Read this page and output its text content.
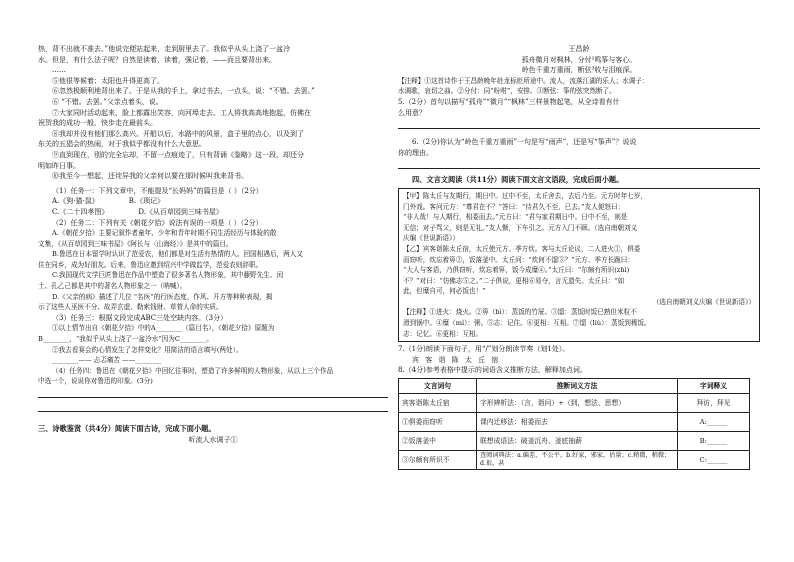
热，背不出就不准去。”他说完便站起来，走到厨里去了。我似乎从头上浇了一盆冷
水。但是，有什么法子呢？自然是读着，读着，强记着，——而且要背出来。
……
⑤他很等候着；太阳也升得更高了。
⑥忽然极顺利地背出来了。于是从我的手上，拿过书去，一点头，说：“不错。去罢。”
⑥ “不错。去罢。”父亲点着头，说。
⑦大家同时活动起来，脸上都露出笑容，向河埠走去。工人将我高高地抱起，仿佛在
祝贺我的成功一般，快步走在最前头。
⑧我却并没有他们那么高兴。开船以后，水路中的风景，盒子里的点心，以及到了
东关的五猖会的热闹，对于我似乎都没有什么大意思。
⑨直到现在，别的完全忘却，不留一点痕迹了，只有背诵《鉴略》这一段，却还分
明如昨日事。
⑩我至今一想起，还诧异我的父亲何以要在那时候叫我来背书。
（1）任务一：下列文章中，不能提及“长妈妈”的篇目是（ ）（2分）
A.《狗·猫·鼠》	B.《琐记》
C.《二十四孝图》	D.《从百草园到三味书屋》
（2）任务二：下列有关《朝花夕拾》说法有误的一项是（ ）（2分）
A.《朝花夕拾》主要记叙作者童年、少年和青年时期不同生活经历与体验的散
文集，《从百草园到三味书屋》《阿长与〈山海经〉》是其中的篇目。
B.鲁迅在日本留学时认识了范爱农，他们都是对生活有热情的人。回国相遇后，两人又
住在同乡，成为好朋友。后来，鲁迅应邀到绍兴中学做监学，范爱农则辞职。
C.我国现代文学巨匠鲁迅在作品中塑造了很多著名人物形象，其中藤野先生、闰
土、孔乙己都是其中的著名人物形象之一（呐喊）。
D.《父亲的病》描述了几位 “名医”的行医态度、作风、开方等种种表现，揭
示了这些人巫医不分、故弄玄虚、勒索钱财、草菅人命的实质。
（3）任务三：根据文段完成ABC三处空缺内容。（3分）
①以上情节出自《朝花夕拾》中的A________（篇目名），《朝花夕拾》原题为
B________，“我似乎从头上浇了一盆冷水”因为C________。
②我去看赛会的心情发生了怎样变化？用简洁的语言填写(两处）。
________—— 忐忑痛苦 ——________
（4）任务四：鲁迅在《朝花夕拾》中回忆往事时，塑造了许多鲜明的人物形象，从以上三个作品
中选一个，说说你对鲁迅的印象。(3分)
三、诗歌鉴赏（共4分）阅读下面古诗，完成下面小题。
听流人水调子①
王昌龄
孤舟微月对枫林，分付²鸣筝与客心。
岭色千重万重雨，断弦³收与泪痕深。
【注释】①这首诗作于王昌龄晚年赴龙标贬所途中。流人，流落江湖的乐人；水调子：
水调歌，哀切之曲。②分付：同“吩咐”，安排。③断弦：筝的弦突然断了。
5.（2分）首句以描写“孤舟”“微月”“枫林”三样景物起笔，从全诗看有什
么用意？
6.（2分)你认为“岭色千重万重雨”一句是写“雨声”，还是写“筝声”？说说
你的理由。
四、文言文阅读（共11分）阅读下面文言文语段，完成后面小题。
【甲】陈太丘与友期行，期日中。过中不至，太丘舍去，去后乃至。元方时年七岁，
门外戏。客问元方：“尊君在不？”答曰：“待君久不至，已去。”友人便怒曰：
“非人哉！与人期行，相委而去。”元方曰：“君与家君期日中。日中不至，则是
无信；对子骂父，则是无礼。”友人惭，下车引之。元方入门不顾。（选自南朝刘义
庆编《世说新语》）
【乙】宾客诣陈太丘宿，太丘使元方、季方炊。客与太丘论议，二人进火①，俱委
而窃听，炊忘着箅②，饭落釜中。太丘问：“炊何不馏③？”元方、季方长跪曰：
“大人与客语，乃俱窃听，炊忘着箅，饭今成糜④。”太丘曰：“尔颇有所识(zhì)
不？”对曰：“仿佛志⑤之。”二子俱说，更相⑥易夺，言无遗失。太丘曰：“如
此，但糜自可，何必饭也！”
（选自南朝刘义庆编《世说新语》）
【注释】①进火：烧火。②箅（bì）：蒸饭的竹屉。③馏：蒸饭时饭已熟但米粒不
滑到锅中。④糜（mí）：粥。⑤志：记住。⑥更相：互相。⑦馏（liù）：蒸饭到稀饭。
志：记忆。⑥更相：互相。
7.（1分)朗读下面句子，用“/”划分朗读节奏（划1处）。
宾 客 诣 陈 太 丘 宿
8.（4分)参考表格中提示的词语含义推断方法，解释加点词。
文言词句	推断词义方法	字词释义
宾客诣陈太丘宿	字形辨析法：（言，诣问）+（到，想法、思想）	拜访，拜见
①俱委而窃听	课内迁移法：相委而去	A:______
②饭落釜中	联想成语法：破釜沉舟、釜底抽薪	B:______
③尔颇有所识不	查阅词典法：a.偏差，不公平。b.好家，邪家，估量；c.稍微，稍微；d.很，甚	C:______
